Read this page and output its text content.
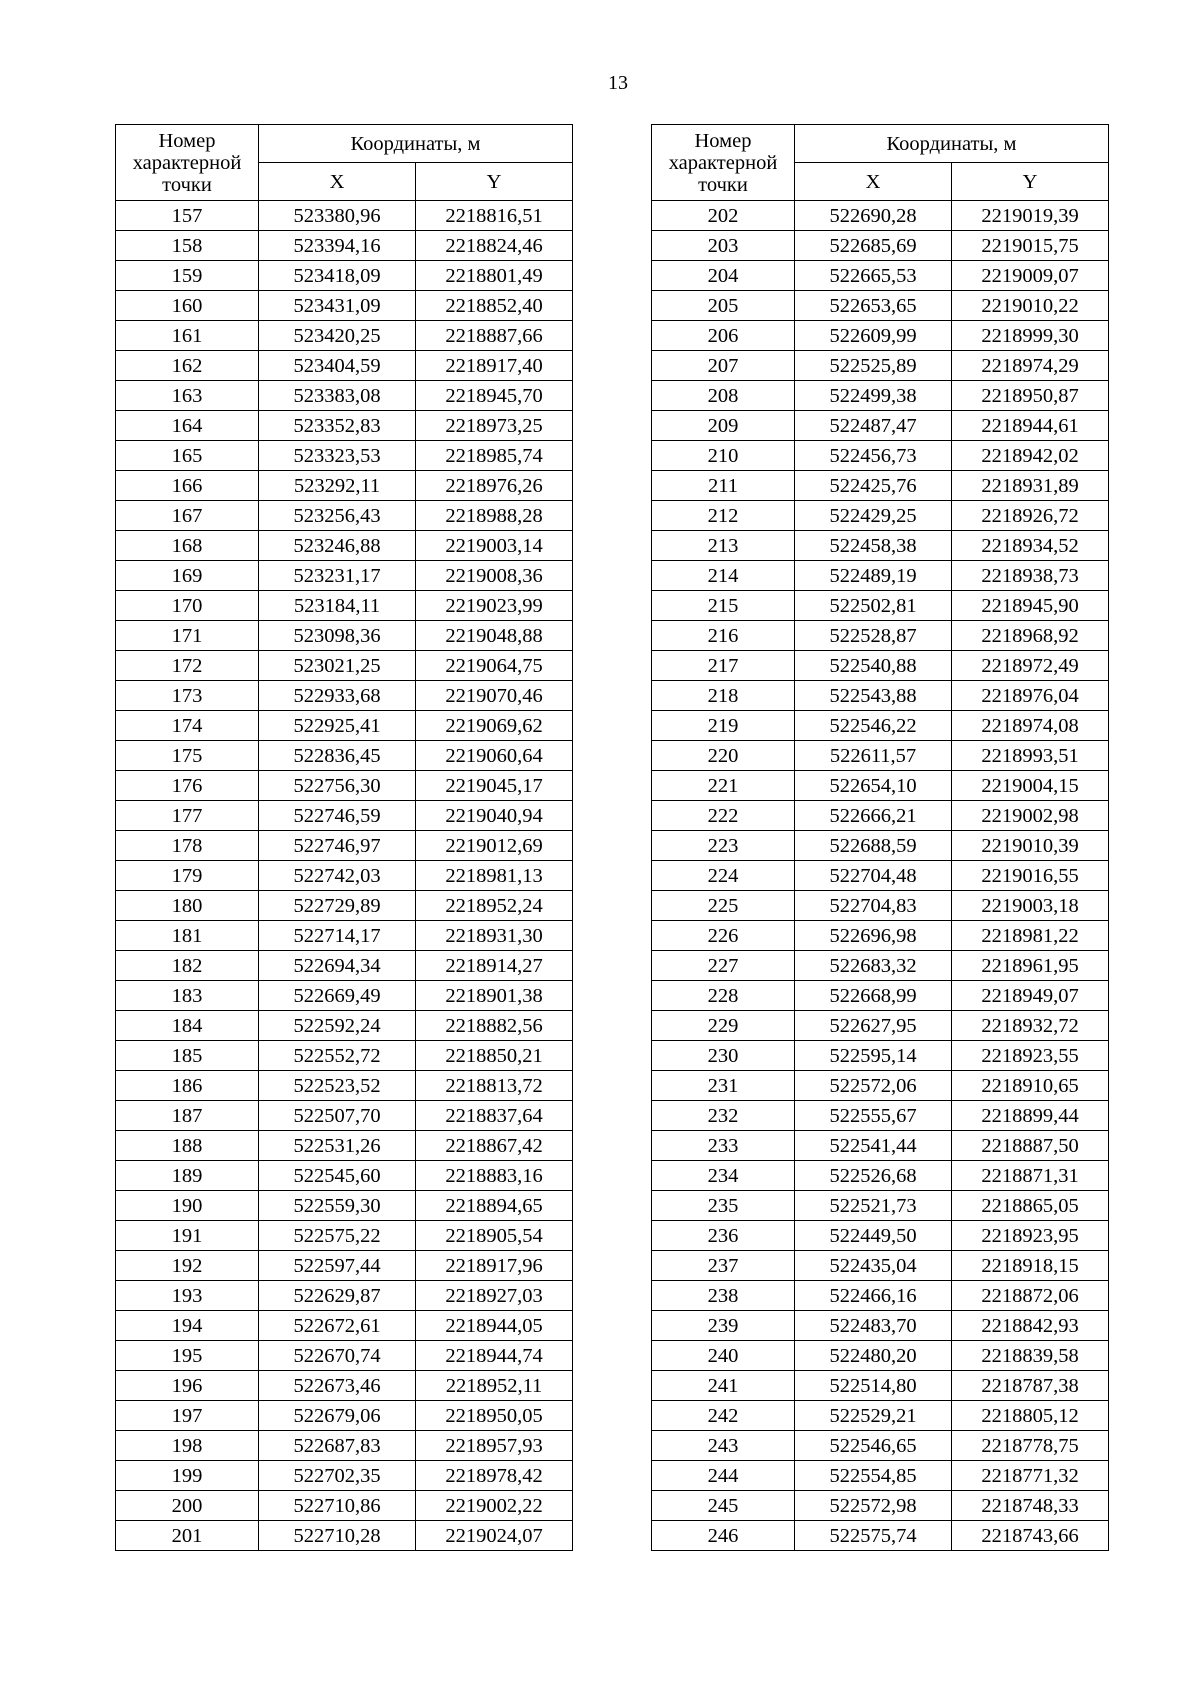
13
Номер характерной точки	Координаты, м	
	X	Y
157	523380,96	2218816,51
158	523394,16	2218824,46
159	523418,09	2218801,49
160	523431,09	2218852,40
161	523420,25	2218887,66
162	523404,59	2218917,40
163	523383,08	2218945,70
164	523352,83	2218973,25
165	523323,53	2218985,74
166	523292,11	2218976,26
167	523256,43	2218988,28
168	523246,88	2219003,14
169	523231,17	2219008,36
170	523184,11	2219023,99
171	523098,36	2219048,88
172	523021,25	2219064,75
173	522933,68	2219070,46
174	522925,41	2219069,62
175	522836,45	2219060,64
176	522756,30	2219045,17
177	522746,59	2219040,94
178	522746,97	2219012,69
179	522742,03	2218981,13
180	522729,89	2218952,24
181	522714,17	2218931,30
182	522694,34	2218914,27
183	522669,49	2218901,38
184	522592,24	2218882,56
185	522552,72	2218850,21
186	522523,52	2218813,72
187	522507,70	2218837,64
188	522531,26	2218867,42
189	522545,60	2218883,16
190	522559,30	2218894,65
191	522575,22	2218905,54
192	522597,44	2218917,96
193	522629,87	2218927,03
194	522672,61	2218944,05
195	522670,74	2218944,74
196	522673,46	2218952,11
197	522679,06	2218950,05
198	522687,83	2218957,93
199	522702,35	2218978,42
200	522710,86	2219002,22
201	522710,28	2219024,07
Номер характерной точки	Координаты, м	
	X	Y
202	522690,28	2219019,39
203	522685,69	2219015,75
204	522665,53	2219009,07
205	522653,65	2219010,22
206	522609,99	2218999,30
207	522525,89	2218974,29
208	522499,38	2218950,87
209	522487,47	2218944,61
210	522456,73	2218942,02
211	522425,76	2218931,89
212	522429,25	2218926,72
213	522458,38	2218934,52
214	522489,19	2218938,73
215	522502,81	2218945,90
216	522528,87	2218968,92
217	522540,88	2218972,49
218	522543,88	2218976,04
219	522546,22	2218974,08
220	522611,57	2218993,51
221	522654,10	2219004,15
222	522666,21	2219002,98
223	522688,59	2219010,39
224	522704,48	2219016,55
225	522704,83	2219003,18
226	522696,98	2218981,22
227	522683,32	2218961,95
228	522668,99	2218949,07
229	522627,95	2218932,72
230	522595,14	2218923,55
231	522572,06	2218910,65
232	522555,67	2218899,44
233	522541,44	2218887,50
234	522526,68	2218871,31
235	522521,73	2218865,05
236	522449,50	2218923,95
237	522435,04	2218918,15
238	522466,16	2218872,06
239	522483,70	2218842,93
240	522480,20	2218839,58
241	522514,80	2218787,38
242	522529,21	2218805,12
243	522546,65	2218778,75
244	522554,85	2218771,32
245	522572,98	2218748,33
246	522575,74	2218743,66
